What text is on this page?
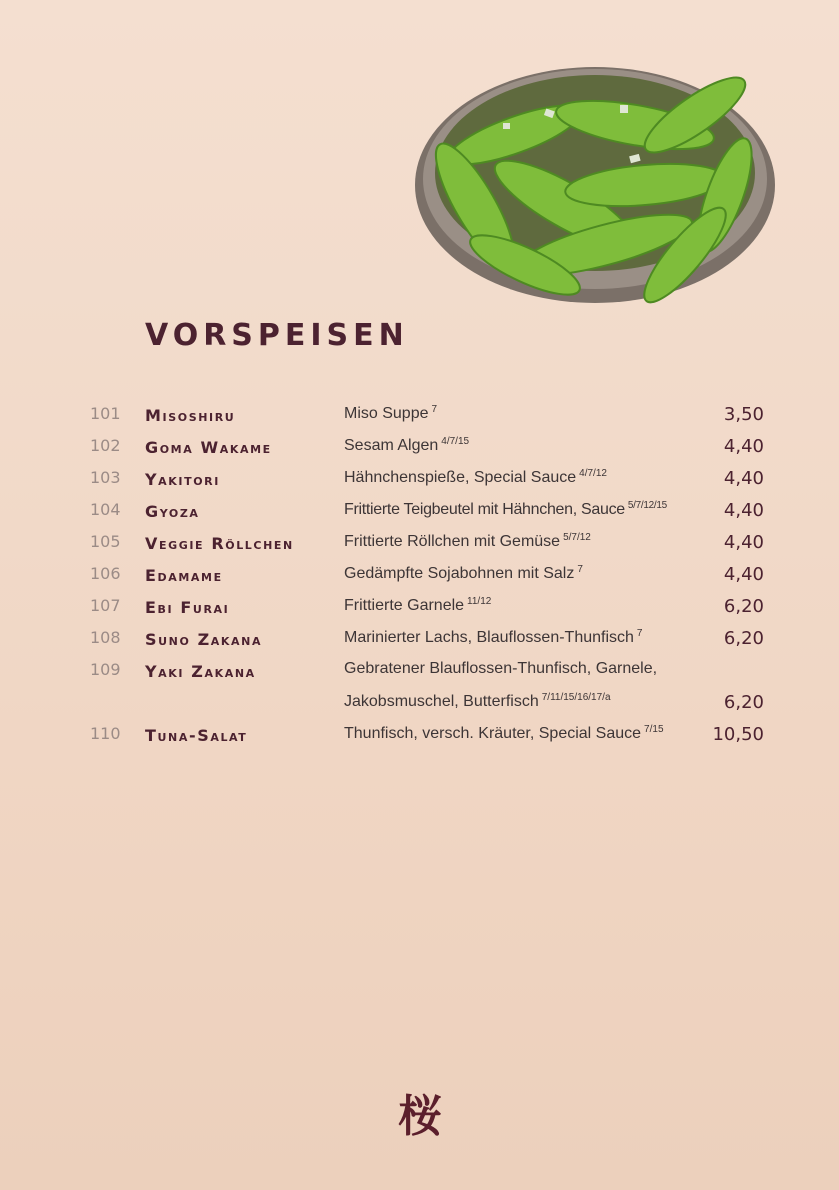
VORSPEISEN
101 Misoshiru	Miso Suppe $^7$	3,50
102 Goma Wakame	Sesam Algen $^{4/7/15}$	4,40
103 Yakitori	Hähnchenspieße, Special Sauce $^{4/7/12}$	4,40
104 Gyoza	Frittierte Teigbeutel mit Hähnchen, Sauce $^{5/7/12/15}$	4,40
105 Veggie Röllchen	Frittierte Röllchen mit Gemüse $^{5/7/12}$	4,40
106 Edamame	Gedämpfte Sojabohnen mit Salz $^7$	4,40
107 Ebi Furai	Frittierte Garnele $^{11/12}$	6,20
108 Suno Zakana	Marinierter Lachs, Blauflossen-Thunfisch $^7$	6,20
109 Yaki Zakana	Gebratener Blauflossen-Thunfisch, Garnele,
Jakobsmuschel, Butterfisch $^{7/11/15/16/17/a}$	6,20
110 Tuna-Salat	Thunfisch, versch. Kräuter, Special Sauce $^{7/15}$	10,50
桜
